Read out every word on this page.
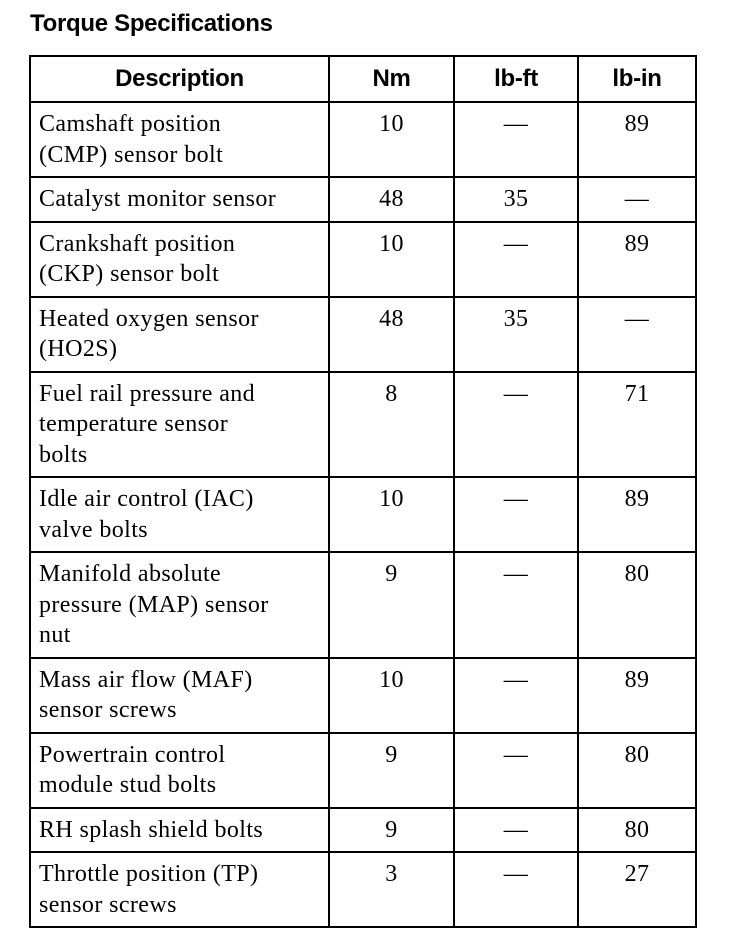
Torque Specifications
Description	Nm	lb-ft	lb-in

Camshaft position
(CMP) sensor bolt	10	—	89

Catalyst monitor sensor	48	35	—

Crankshaft position
(CKP) sensor bolt	10	—	89

Heated oxygen sensor
(HO2S)	48	35	—

Fuel rail pressure and
temperature sensor
bolts	8	—	71

Idle air control (IAC)
valve bolts	10	—	89

Manifold absolute
pressure (MAP) sensor
nut	9	—	80

Mass air flow (MAF)
sensor screws	10	—	89

Powertrain control
module stud bolts	9	—	80

RH splash shield bolts	9	—	80

Throttle position (TP)
sensor screws	3	—	27
